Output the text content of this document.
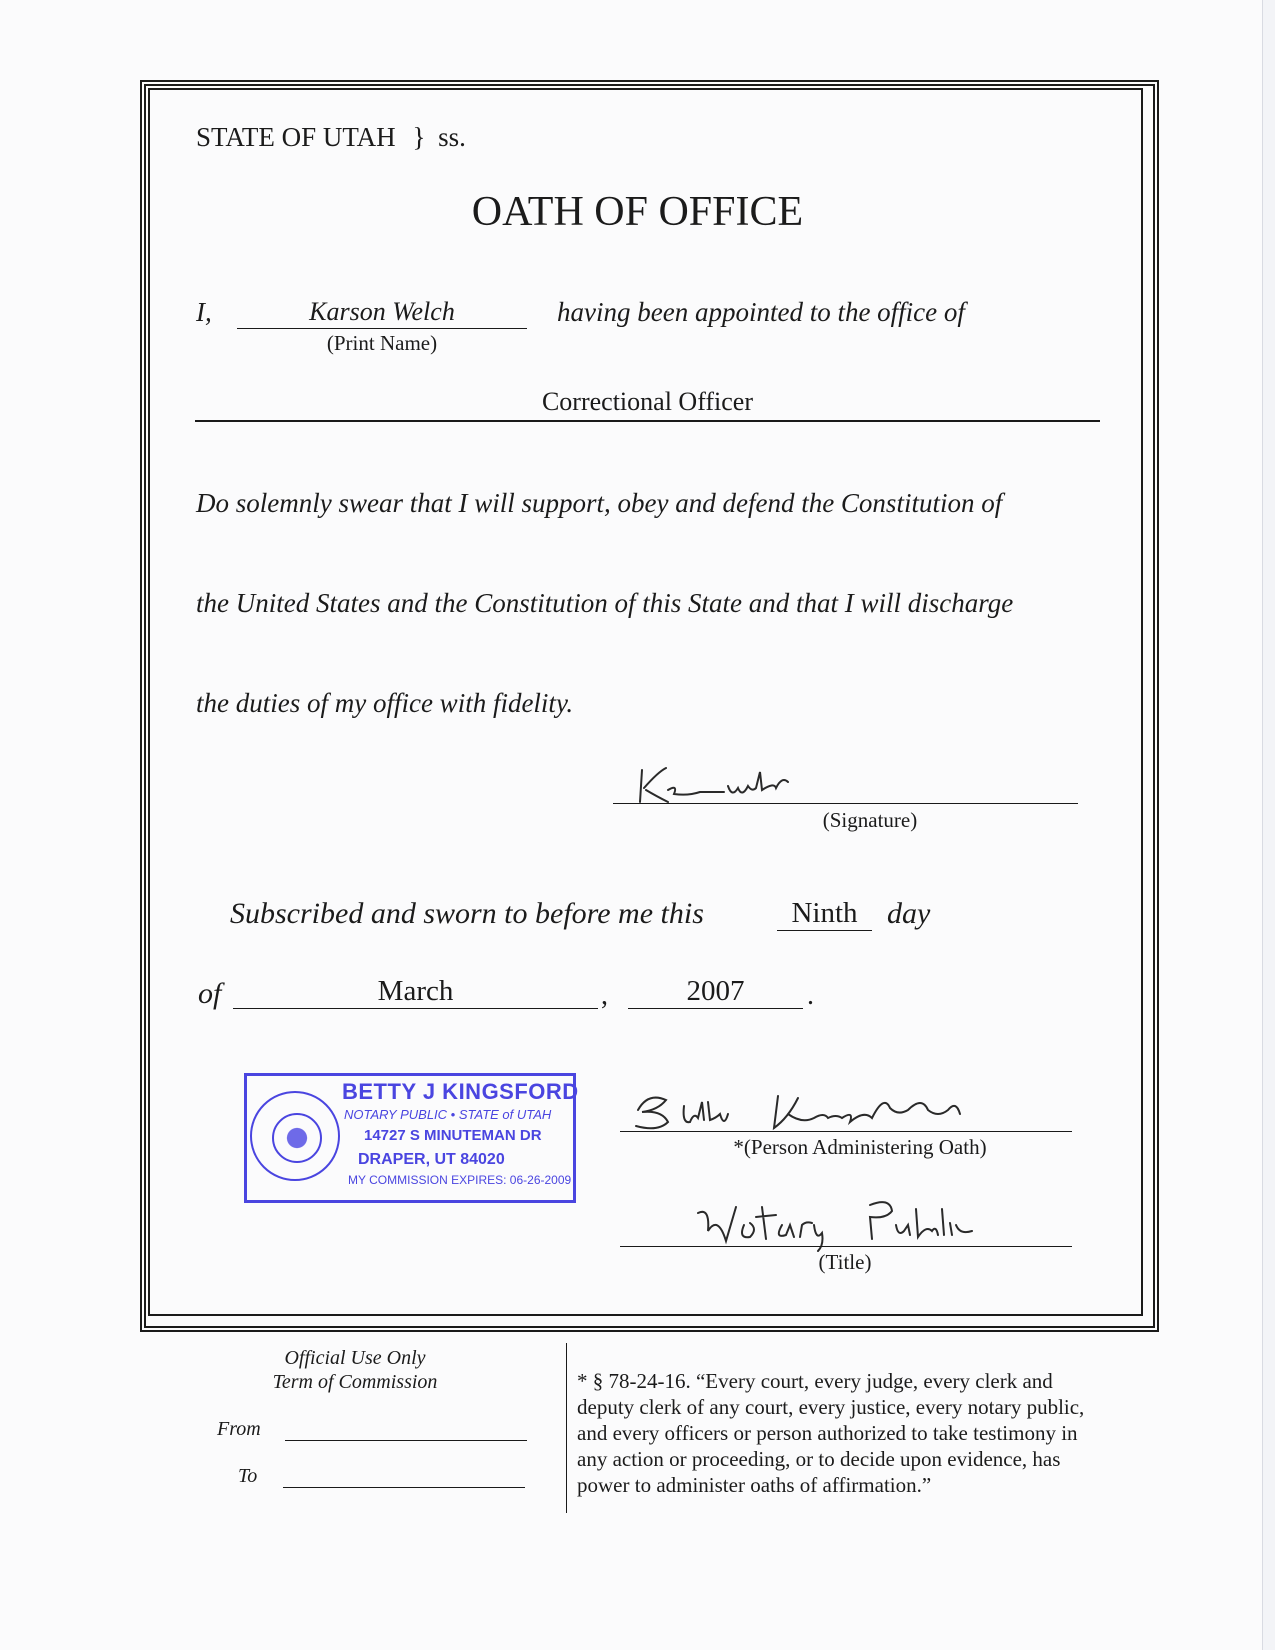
STATE OF UTAH } ss.
OATH OF OFFICE
I,	Karson Welch
(Print Name)
having been appointed to the office of
Correctional Officer
Do solemnly swear that I will support, obey and defend the Constitution of
the United States and the Constitution of this State and that I will discharge
the duties of my office with fidelity.
(Signature)
Subscribed and sworn to before me this	Ninth day
of	March	,	2007	.
BETTY J KINGSFORD
NOTARY PUBLIC • STATE of UTAH
14727 S MINUTEMAN DR
DRAPER, UT 84020
MY COMMISSION EXPIRES: 06-26-2009
*(Person Administering Oath)
(Title)
Official Use Only
Term of Commission
From
To
* § 78-24-16. “Every court, every judge, every clerk and
deputy clerk of any court, every justice, every notary public,
and every officers or person authorized to take testimony in
any action or proceeding, or to decide upon evidence, has
power to administer oaths of affirmation.”
